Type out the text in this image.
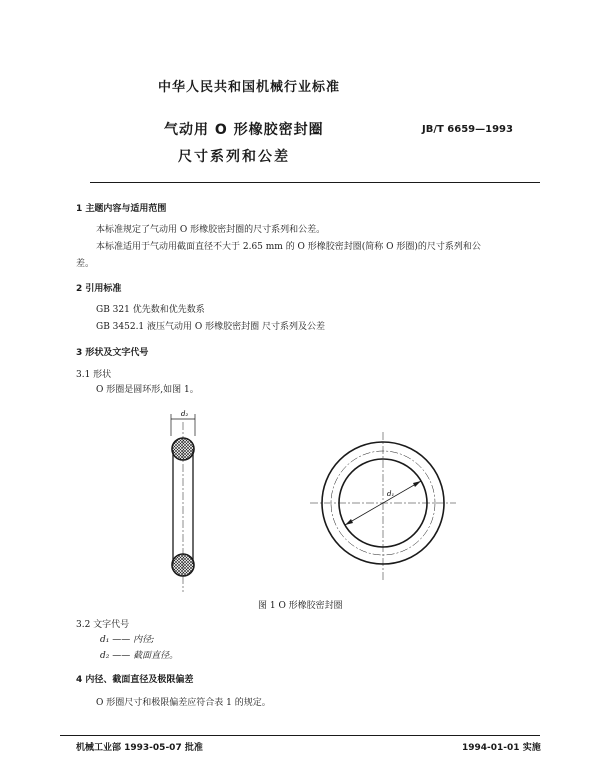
中华人民共和国机械行业标准
气动用 O 形橡胶密封圈
尺寸系列和公差
JB/T 6659—1993
1 主题内容与适用范围
本标准规定了气动用 O 形橡胶密封圈的尺寸系列和公差。
本标准适用于气动用截面直径不大于 2.65 mm 的 O 形橡胶密封圈(简称 O 形圈)的尺寸系列和公
差。
2 引用标准
GB 321 优先数和优先数系
GB 3452.1 液压气动用 O 形橡胶密封圈 尺寸系列及公差
3 形状及文字代号
3.1 形状
O 形圈是圆环形,如图 1。
d₂
d₁
图 1 O 形橡胶密封圈
3.2 文字代号
d₁ —— 内径;
d₂ —— 截面直径。
4 内径、截面直径及极限偏差
O 形圈尺寸和极限偏差应符合表 1 的规定。
机械工业部 1993-05-07 批准	1994-01-01 实施
